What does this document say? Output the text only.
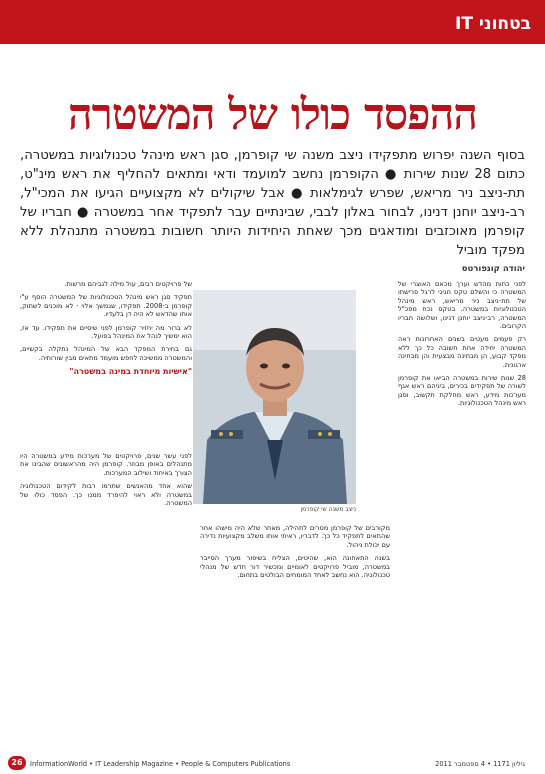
IT בטחוני
ההפסד כולו של המשטרה
בסוף השנה יפרוש מתפקידו ניצב משנה שי קופרמן, סגן ראש מינהל טכנולוגיות במשטרה, כתום 28 שנות שירות ● הקופרמן נחשב למועמד ודאי ומתאים להחליף את ראש מינ"ט, תת-ניצב ניר מריאש, שפרש לגימלאות ● אבל שיקולים לא מקצועיים הגיעו את המכי"ל, רב-ניצב יוחנן דנינו, לבחור באלון לבבי, שבינתיים עבר לתפקיד אחר במשטרה ● חבריו של קופרמן מאוכזבים ומודאגים מכך שאחת היחידות היותר חשובות במשטרה מתנהלת ללא מפקד מוביל
יהודה קונפורטס

לפני כחות מהדש וערך מכאם האוצרי של המשטרה כי והשלם טקס חגיגי לרגל פרישתו של תת-ניצב ניר מריאש, ראש מינהל הטכנולוגיות במשטרה. בטקס נכח מפכ"ל המשטרה, רב-ניצב יוחנן דנינו, ושלושה חבריו הקרובים.

רק פעמים מעטים בשנים האחרונות ראה המשטרה יחידה אחת חשובה כל כך ללא מפקד קבוע, הן מבחינה מבצעית והן מבחינה ארגונית.

28 שנות שירות במשטרה הביאו את קופרמן לשורה של תפקידים בכירים, ביניהם ראש אגף מערכות מידע, ראש מחלקת תקשוב, וסגן ראש מינהל הטכנולוגיות.

ניצב משנה שי קופרמן

של פרויקטים רבים, עול מילה לגביהם מרשות.

תפקיד סגן ראש מינהל הטכנולוגיות של המשטרה הוסף ע"י קופרמן ב-2008. תפקידו, שגמשך אלוי - לא מוכנים לשתוק, אותו שהדאש לא היה דן בלעדיו.

לא ברור מה יחזיר קופרמן לפני שיסיים את תפקידו. עד אז, הוא ימשיך לנהל את המינהל בפועל.

גם בחירת המפקד הבא של המינהל נתקלה בקשיים, והמשטרה ממשיכה לחפש מועמד מתאים מבין שורותיה.

"אישיות מיוחדת במינה במשטרה"

מקורבים של קופרמן מסרים לתהילה, מאחר שלא היה מישהו אחר שהתאים לתפקיד כל כך. לדבריו, ראיתי אותו משלב מקצועיות נדירה עם יכולת ניהול.

בשנה התאחונה הוא, שהיטים, הצליח בשיפור מערך הסייבר במשטרה, מוביל פרויקטים לאומיים ומכשיר דור חדש של מנהלי טכנולוגיה. הוא נחשב לאחד המומחים הבולטים בתחום.

לפני עשר שנים, פרויקטים של מערכות מידע במשטרה היו מתנהלים באופן מבוזר. קופרמן היה מהראשונים שהבינו את הצורך באיחוד ושילוב המערכות.

שהוא אחד מהאנשים שתרמו רבות לקידום הטכנולוגיה במשטרה ולא ראוי להיפרד ממנו כך. הפסד כולו של המשטרה.

26	InformationWorld • IT Leadership Magazine • People & Computers Publications	גיליון 1171 • 4 ספטמבר 2011
